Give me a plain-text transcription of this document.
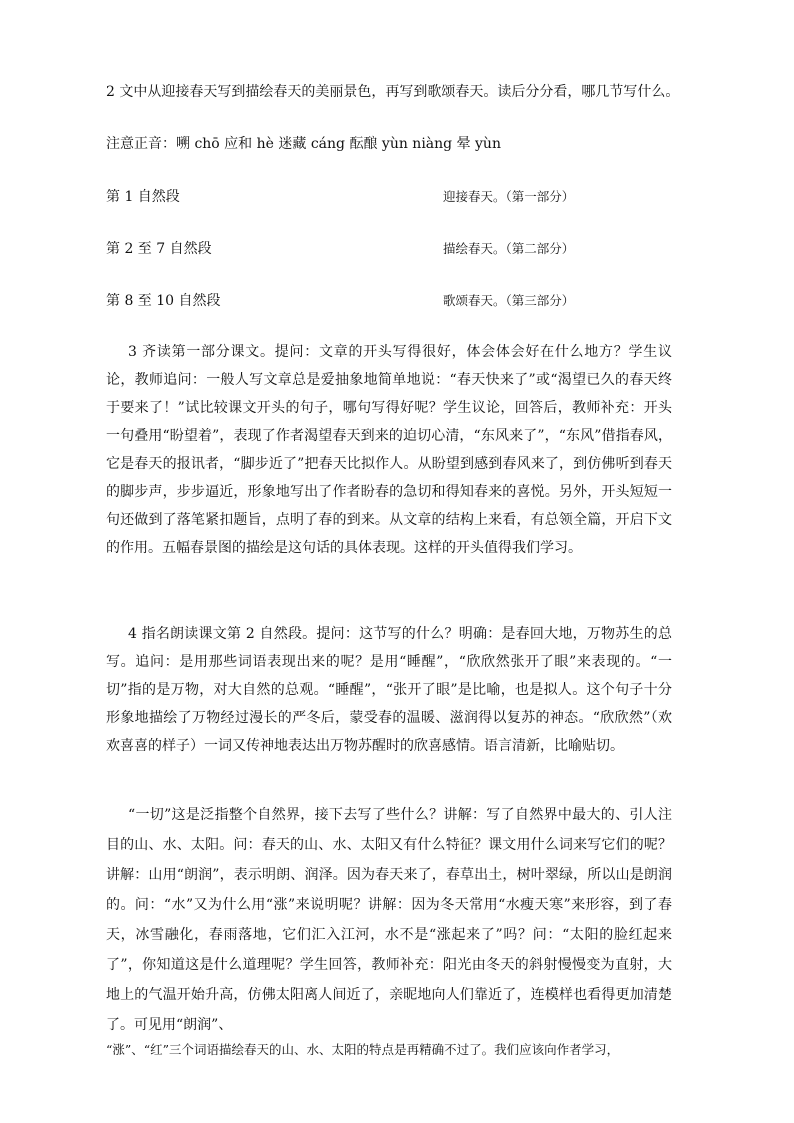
2 文中从迎接春天写到描绘春天的美丽景色，再写到歌颂春天。读后分分看，哪几节写什么。

注意正音：嗍 chō 应和 hè 迷藏 cáng 酝酿 yùn niàng 晕 yùn

第 1 自然段	迎接春天。（第一部分）
第 2 至 7 自然段	描绘春天。（第二部分）
第 8 至 10 自然段	歌颂春天。（第三部分）

3 齐读第一部分课文。提问：文章的开头写得很好，体会体会好在什么地方？学生议论，教师追问：一般人写文章总是爱抽象地简单地说：“春天快来了”或“渴望已久的春天终于要来了！”试比较课文开头的句子，哪句写得好呢？学生议论，回答后，教师补充：开头一句叠用“盼望着”，表现了作者渴望春天到来的迫切心清，“东风来了”，“东风”借指春风，它是春天的报讯者，“脚步近了”把春天比拟作人。从盼望到感到春风来了，到仿佛听到春天的脚步声，步步逼近，形象地写出了作者盼春的急切和得知春来的喜悦。另外，开头短短一句还做到了落笔紧扣题旨，点明了春的到来。从文章的结构上来看，有总领全篇，开启下文的作用。五幅春景图的描绘是这句话的具体表现。这样的开头值得我们学习。

4 指名朗读课文第 2 自然段。提问：这节写的什么？明确：是春回大地，万物苏生的总写。追问：是用那些词语表现出来的呢？是用“睡醒”，“欣欣然张开了眼”来表现的。“一切”指的是万物，对大自然的总观。“睡醒”，“张开了眼”是比喻，也是拟人。这个句子十分形象地描绘了万物经过漫长的严冬后，蒙受春的温暖、滋润得以复苏的神态。“欣欣然”（欢欢喜喜的样子）一词又传神地表达出万物苏醒时的欣喜感情。语言清新，比喻贴切。

“一切”这是泛指整个自然界，接下去写了些什么？讲解：写了自然界中最大的、引人注目的山、水、太阳。问：春天的山、水、太阳又有什么特征？课文用什么词来写它们的呢？讲解：山用“朗润”，表示明朗、润泽。因为春天来了，春草出土，树叶翠绿，所以山是朗润的。问：“水”又为什么用“涨”来说明呢？讲解：因为冬天常用“水瘦天寒”来形容，到了春天，冰雪融化，春雨落地，它们汇入江河，水不是“涨起来了”吗？问：“太阳的脸红起来了”，你知道这是什么道理呢？学生回答，教师补充：阳光由冬天的斜射慢慢变为直射，大地上的气温开始升高，仿佛太阳离人间近了，亲昵地向人们靠近了，连模样也看得更加清楚了。可见用“朗润”、

“涨”、“红”三个词语描绘春天的山、水、太阳的特点是再精确不过了。我们应该向作者学习，
